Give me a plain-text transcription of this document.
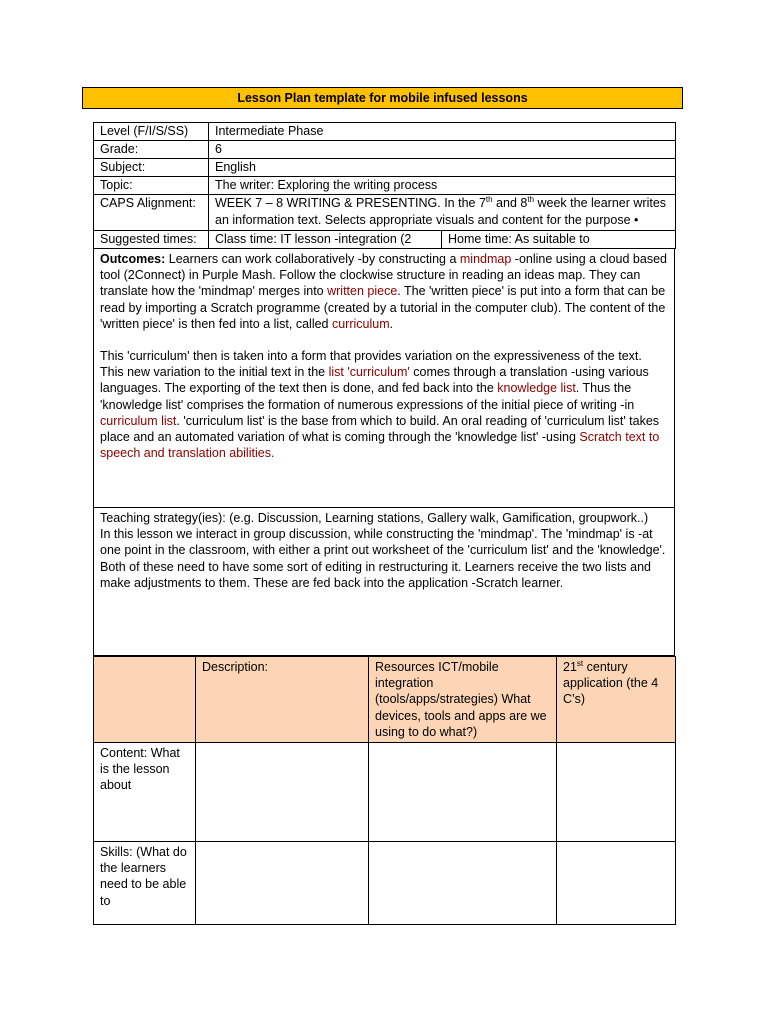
Lesson Plan template for mobile infused lessons
Level (F/I/S/SS)	Intermediate Phase	
Grade:	6	
Subject:	English	
Topic:	The writer: Exploring the writing process	
CAPS Alignment:	WEEK 7 – 8 WRITING & PRESENTING. In the 7th and 8th week the learner writes an information text. Selects appropriate visuals and content for the purpose •	

Suggested times:	Class time: IT lesson -integration (2	Home time: As suitable to

Outcomes: Learners can work collaboratively -by constructing a mindmap -online using a cloud based tool (2Connect) in Purple Mash. Follow the clockwise structure in reading an ideas map. They can translate how the 'mindmap' merges into written piece. The 'written piece' is put into a form that can be read by importing a Scratch programme (created by a tutorial in the computer club). The content of the 'written piece' is then fed into a list, called curriculum.

This 'curriculum' then is taken into a form that provides variation on the expressiveness of the text. This new variation to the initial text in the list 'curriculum' comes through a translation -using various languages. The exporting of the text then is done, and fed back into the knowledge list. Thus the 'knowledge list' comprises the formation of numerous expressions of the initial piece of writing -in curriculum list. 'curriculum list' is the base from which to build. An oral reading of 'curriculum list' takes place and an automated variation of what is coming through the 'knowledge list' -using Scratch text to speech and translation abilities.

Teaching strategy(ies): (e.g. Discussion, Learning stations, Gallery walk, Gamification, groupwork..)
In this lesson we interact in group discussion, while constructing the 'mindmap'. The 'mindmap' is -at one point in the classroom, with either a print out worksheet of the 'curriculum list' and the 'knowledge'. Both of these need to have some sort of editing in restructuring it. Learners receive the two lists and make adjustments to them. These are fed back into the application -Scratch learner.
	Description:	Resources ICT/mobile integration (tools/apps/strategies) What devices, tools and apps are we using to do what?)	21st century application (the 4 C’s)
Content: What is the lesson about			
Skills: (What do the learners need to be able to			
